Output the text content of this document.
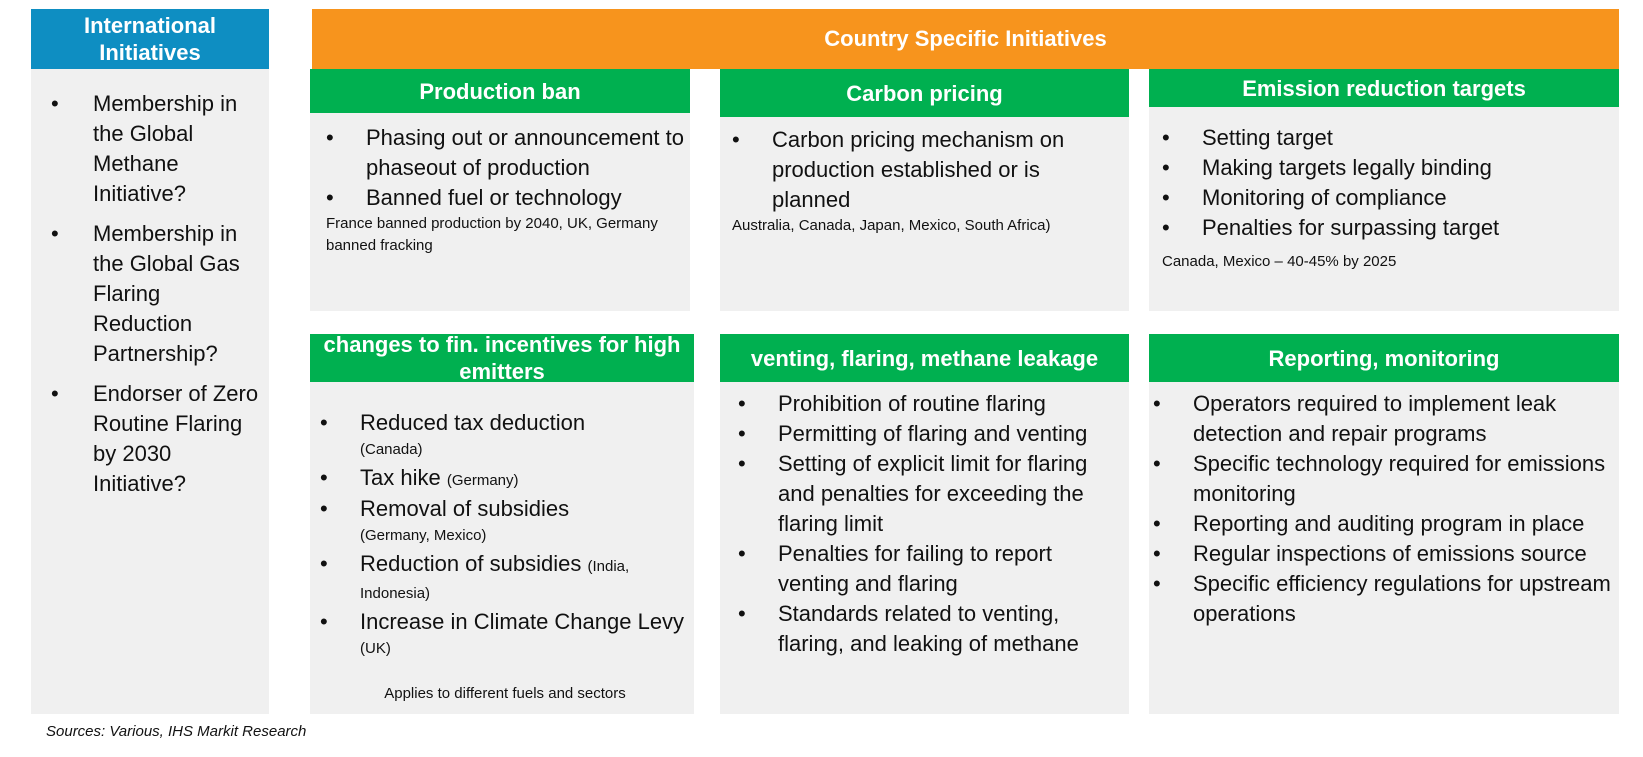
International Initiatives
• Membership in the Global Methane Initiative?
• Membership in the Global Gas Flaring Reduction Partnership?
• Endorser of Zero Routine Flaring by 2030 Initiative?
Country Specific Initiatives
Production ban
• Phasing out or announcement to phaseout of production
• Banned fuel or technology
France banned production by 2040, UK, Germany banned fracking
Carbon pricing
• Carbon pricing mechanism on production established or is planned
Australia, Canada, Japan, Mexico, South Africa)
Emission reduction targets
• Setting target
• Making targets legally binding
• Monitoring of compliance
• Penalties for surpassing target
Canada, Mexico – 40-45% by 2025
changes to fin. incentives for high emitters
• Reduced tax deduction
(Canada)
• Tax hike (Germany)
• Removal of subsidies
(Germany, Mexico)
• Reduction of subsidies (India, Indonesia)
• Increase in Climate Change Levy (UK)
Applies to different fuels and sectors
venting, flaring, methane leakage
• Prohibition of routine flaring
• Permitting of flaring and venting
• Setting of explicit limit for flaring and penalties for exceeding the flaring limit
• Penalties for failing to report venting and flaring
• Standards related to venting, flaring, and leaking of methane
Reporting, monitoring
• Operators required to implement leak detection and repair programs
• Specific technology required for emissions monitoring
• Reporting and auditing program in place
• Regular inspections of emissions source
• Specific efficiency regulations for upstream operations
Sources: Various, IHS Markit Research
